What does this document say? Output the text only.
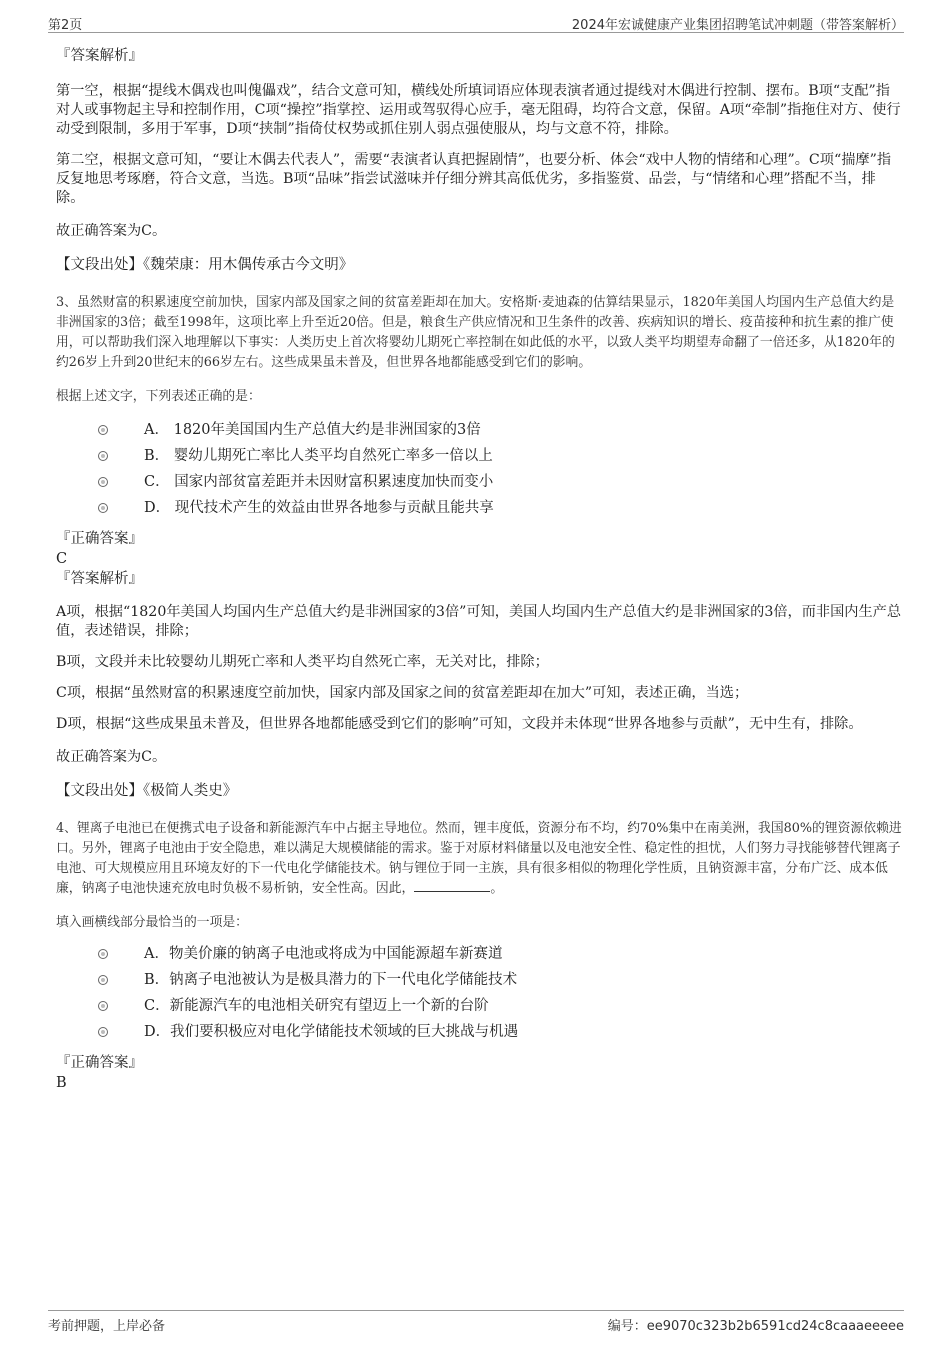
第2页	2024年宏诚健康产业集团招聘笔试冲刺题（带答案解析）

『答案解析』

第一空，根据“提线木偶戏也叫傀儡戏”，结合文意可知，横线处所填词语应体现表演者通过提线对木偶进行控制、摆布。B项“支配”指对人或事物起主导和控制作用，C项“操控”指掌控、运用或驾驭得心应手，毫无阻碍，均符合文意，保留。A项“牵制”指拖住对方、使行动受到限制，多用于军事，D项“挟制”指倚仗权势或抓住别人弱点强使服从，均与文意不符，排除。

第二空，根据文意可知，“要让木偶去代表人”，需要“表演者认真把握剧情”，也要分析、体会“戏中人物的情绪和心理”。C项“揣摩”指反复地思考琢磨，符合文意，当选。B项“品味”指尝试滋味并仔细分辨其高低优劣，多指鉴赏、品尝，与“情绪和心理”搭配不当，排除。

故正确答案为C。

【文段出处】《魏荣康：用木偶传承古今文明》

3、虽然财富的积累速度空前加快，国家内部及国家之间的贫富差距却在加大。安格斯·麦迪森的估算结果显示，1820年美国人均国内生产总值大约是非洲国家的3倍；截至1998年，这项比率上升至近20倍。但是，粮食生产供应情况和卫生条件的改善、疾病知识的增长、疫苗接种和抗生素的推广使用，可以帮助我们深入地理解以下事实：人类历史上首次将婴幼儿期死亡率控制在如此低的水平，以致人类平均期望寿命翻了一倍还多，从1820年的约26岁上升到20世纪末的66岁左右。这些成果虽未普及，但世界各地都能感受到它们的影响。

根据上述文字，下列表述正确的是：

A． 1820年美国国内生产总值大约是非洲国家的3倍
B． 婴幼儿期死亡率比人类平均自然死亡率多一倍以上
C． 国家内部贫富差距并未因财富积累速度加快而变小
D． 现代技术产生的效益由世界各地参与贡献且能共享

『正确答案』

C

『答案解析』

A项，根据“1820年美国人均国内生产总值大约是非洲国家的3倍”可知，美国人均国内生产总值大约是非洲国家的3倍，而非国内生产总值，表述错误，排除；

B项，文段并未比较婴幼儿期死亡率和人类平均自然死亡率，无关对比，排除；

C项，根据“虽然财富的积累速度空前加快，国家内部及国家之间的贫富差距却在加大”可知，表述正确，当选；

D项，根据“这些成果虽未普及，但世界各地都能感受到它们的影响”可知，文段并未体现“世界各地参与贡献”，无中生有，排除。

故正确答案为C。

【文段出处】《极简人类史》

4、锂离子电池已在便携式电子设备和新能源汽车中占据主导地位。然而，锂丰度低，资源分布不均，约70%集中在南美洲，我国80%的锂资源依赖进口。另外，锂离子电池由于安全隐患，难以满足大规模储能的需求。鉴于对原材料储量以及电池安全性、稳定性的担忧，人们努力寻找能够替代锂离子电池、可大规模应用且环境友好的下一代电化学储能技术。钠与锂位于同一主族，具有很多相似的物理化学性质，且钠资源丰富，分布广泛、成本低廉，钠离子电池快速充放电时负极不易析钠，安全性高。因此，	。

填入画横线部分最恰当的一项是：

A．物美价廉的钠离子电池或将成为中国能源超车新赛道
B．钠离子电池被认为是极具潜力的下一代电化学储能技术
C．新能源汽车的电池相关研究有望迈上一个新的台阶
D．我们要积极应对电化学储能技术领域的巨大挑战与机遇

『正确答案』

B

考前押题，上岸必备	编号：ee9070c323b2b6591cd24c8caaaeeeee
